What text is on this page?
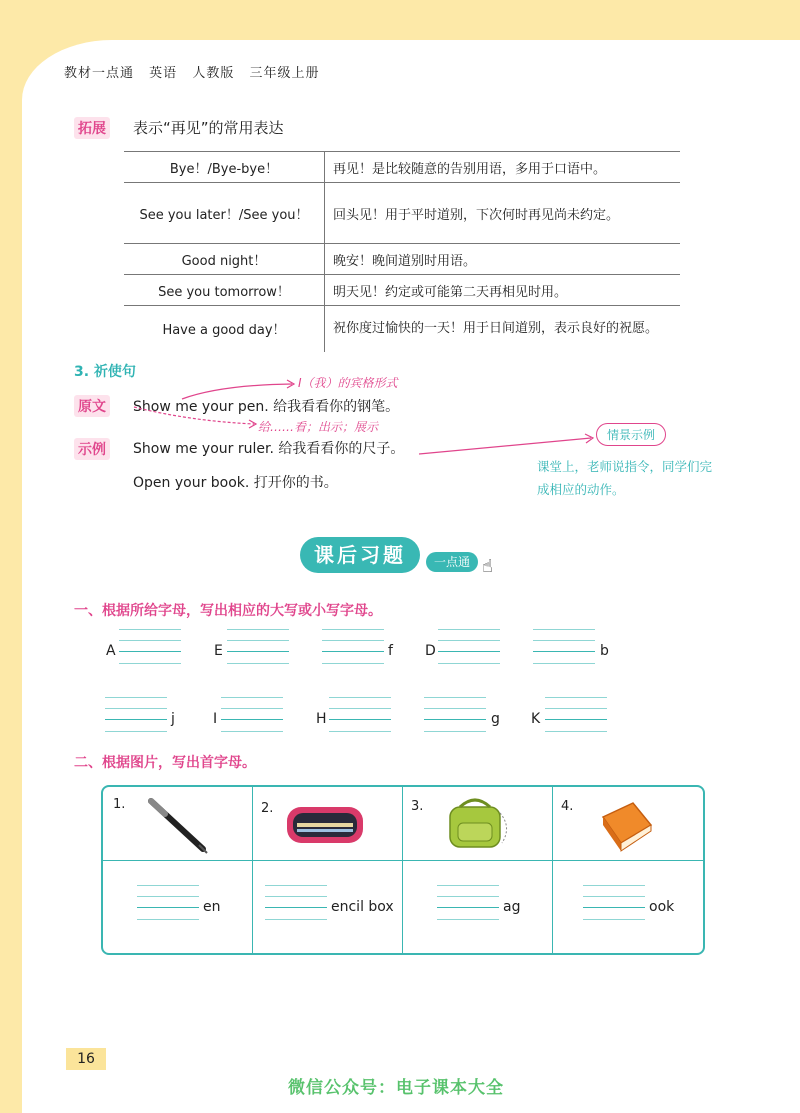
教材一点通 英语 人教版 三年级上册
拓展 表示“再见”的常用表达
Bye！/Bye-bye！	再见！是比较随意的告别用语，多用于口语中。
See you later！/See you！	回头见！用于平时道别，下次何时再见尚未约定。
Good night！	晚安！晚间道别时用语。
See you tomorrow！	明天见！约定或可能第二天再相见时用。
Have a good day！	祝你度过愉快的一天！用于日间道别，表示良好的祝愿。
3. 祈使句
原文 Show me your pen. 给我看看你的钢笔。
I（我）的宾格形式
给……看；出示；展示
示例 Show me your ruler. 给我看看你的尺子。
Open your book. 打开你的书。
情景示例
课堂上，老师说指令，同学们完成相应的动作。
课后习题	一点通 ☝
一、根据所给字母，写出相应的大写或小写字母。
A	E	f D	b
j	I	H	g K
二、根据图片，写出首字母。
1.	2.	3.	4.
en	encil box	ag	ook
16
微信公众号：电子课本大全
